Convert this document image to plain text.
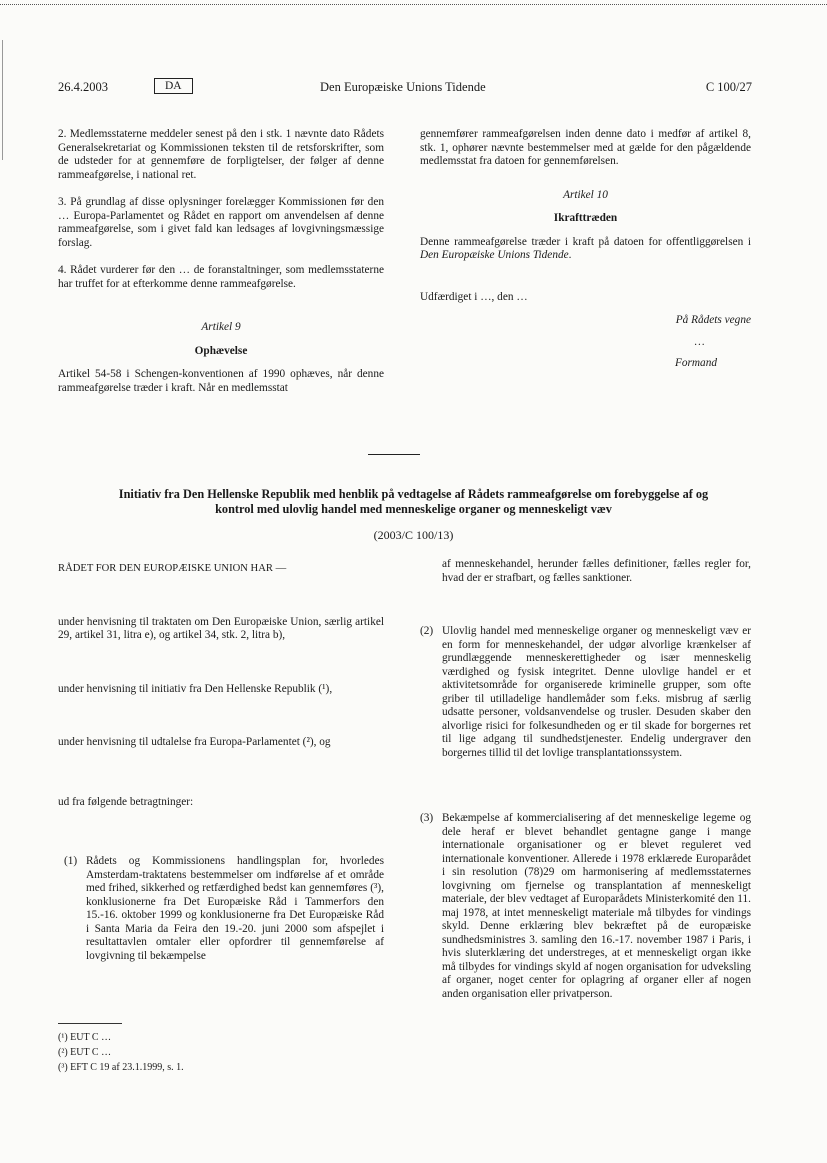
26.4.2003	DA	Den Europæiske Unions Tidende	C 100/27

2. Medlemsstaterne meddeler senest på den i stk. 1 nævnte dato Rådets Generalsekretariat og Kommissionen teksten til de retsforskrifter, som de udsteder for at gennemføre de forpligtelser, der følger af denne rammeafgørelse, i national ret.

3. På grundlag af disse oplysninger forelægger Kommissionen før den … Europa-Parlamentet og Rådet en rapport om anvendelsen af denne rammeafgørelse, som i givet fald kan ledsages af lovgivningsmæssige forslag.

4. Rådet vurderer før den … de foranstaltninger, som medlemsstaterne har truffet for at efterkomme denne rammeafgørelse.

Artikel 9

Ophævelse

Artikel 54-58 i Schengen-konventionen af 1990 ophæves, når denne rammeafgørelse træder i kraft. Når en medlemsstat

gennemfører rammeafgørelsen inden denne dato i medfør af artikel 8, stk. 1, ophører nævnte bestemmelser med at gælde for den pågældende medlemsstat fra datoen for gennemførelsen.

Artikel 10

Ikrafttræden

Denne rammeafgørelse træder i kraft på datoen for offentliggørelsen i Den Europæiske Unions Tidende.

Udfærdiget i …, den …

På Rådets vegne

…

Formand

Initiativ fra Den Hellenske Republik med henblik på vedtagelse af Rådets rammeafgørelse om forebyggelse af og kontrol med ulovlig handel med menneskelige organer og menneskeligt væv
(2003/C 100/13)

RÅDET FOR DEN EUROPÆISKE UNION HAR —

under henvisning til traktaten om Den Europæiske Union, særlig artikel 29, artikel 31, litra e), og artikel 34, stk. 2, litra b),

under henvisning til initiativ fra Den Hellenske Republik (¹),

under henvisning til udtalelse fra Europa-Parlamentet (²), og

ud fra følgende betragtninger:

(1) Rådets og Kommissionens handlingsplan for, hvorledes Amsterdam-traktatens bestemmelser om indførelse af et område med frihed, sikkerhed og retfærdighed bedst kan gennemføres (³), konklusionerne fra Det Europæiske Råd i Tammerfors den 15.-16. oktober 1999 og konklusionerne fra Det Europæiske Råd i Santa Maria da Feira den 19.-20. juni 2000 som afspejlet i resultattavlen omtaler eller opfordrer til gennemførelse af lovgivning til bekæmpelse
af menneskehandel, herunder fælles definitioner, fælles regler for, hvad der er strafbart, og fælles sanktioner.
(2) Ulovlig handel med menneskelige organer og menneskeligt væv er en form for menneskehandel, der udgør alvorlige krænkelser af grundlæggende menneskerettigheder og især menneskelig værdighed og fysisk integritet. Denne ulovlige handel er et aktivitetsområde for organiserede kriminelle grupper, som ofte griber til utilladelige handlemåder som f.eks. misbrug af særlig udsatte personer, voldsanvendelse og trusler. Desuden skaber den alvorlige risici for folkesundheden og er til skade for borgernes ret til lige adgang til sundhedstjenester. Endelig undergraver den borgernes tillid til det lovlige transplantationssystem.
(3) Bekæmpelse af kommercialisering af det menneskelige legeme og dele heraf er blevet behandlet gentagne gange i mange internationale organisationer og er blevet reguleret ved internationale konventioner. Allerede i 1978 erklærede Europarådet i sin resolution (78)29 om harmonisering af medlemsstaternes lovgivning om fjernelse og transplantation af menneskeligt materiale, der blev vedtaget af Europarådets Ministerkomité den 11. maj 1978, at intet menneskeligt materiale må tilbydes for vindings skyld. Denne erklæring blev bekræftet på de europæiske sundhedsministres 3. samling den 16.-17. november 1987 i Paris, i hvis sluterklæring det understreges, at et menneskeligt organ ikke må tilbydes for vindings skyld af nogen organisation for udveksling af organer, noget center for oplagring af organer eller af nogen anden organisation eller privatperson.
(¹) EUT C …
(²) EUT C …
(³) EFT C 19 af 23.1.1999, s. 1.
